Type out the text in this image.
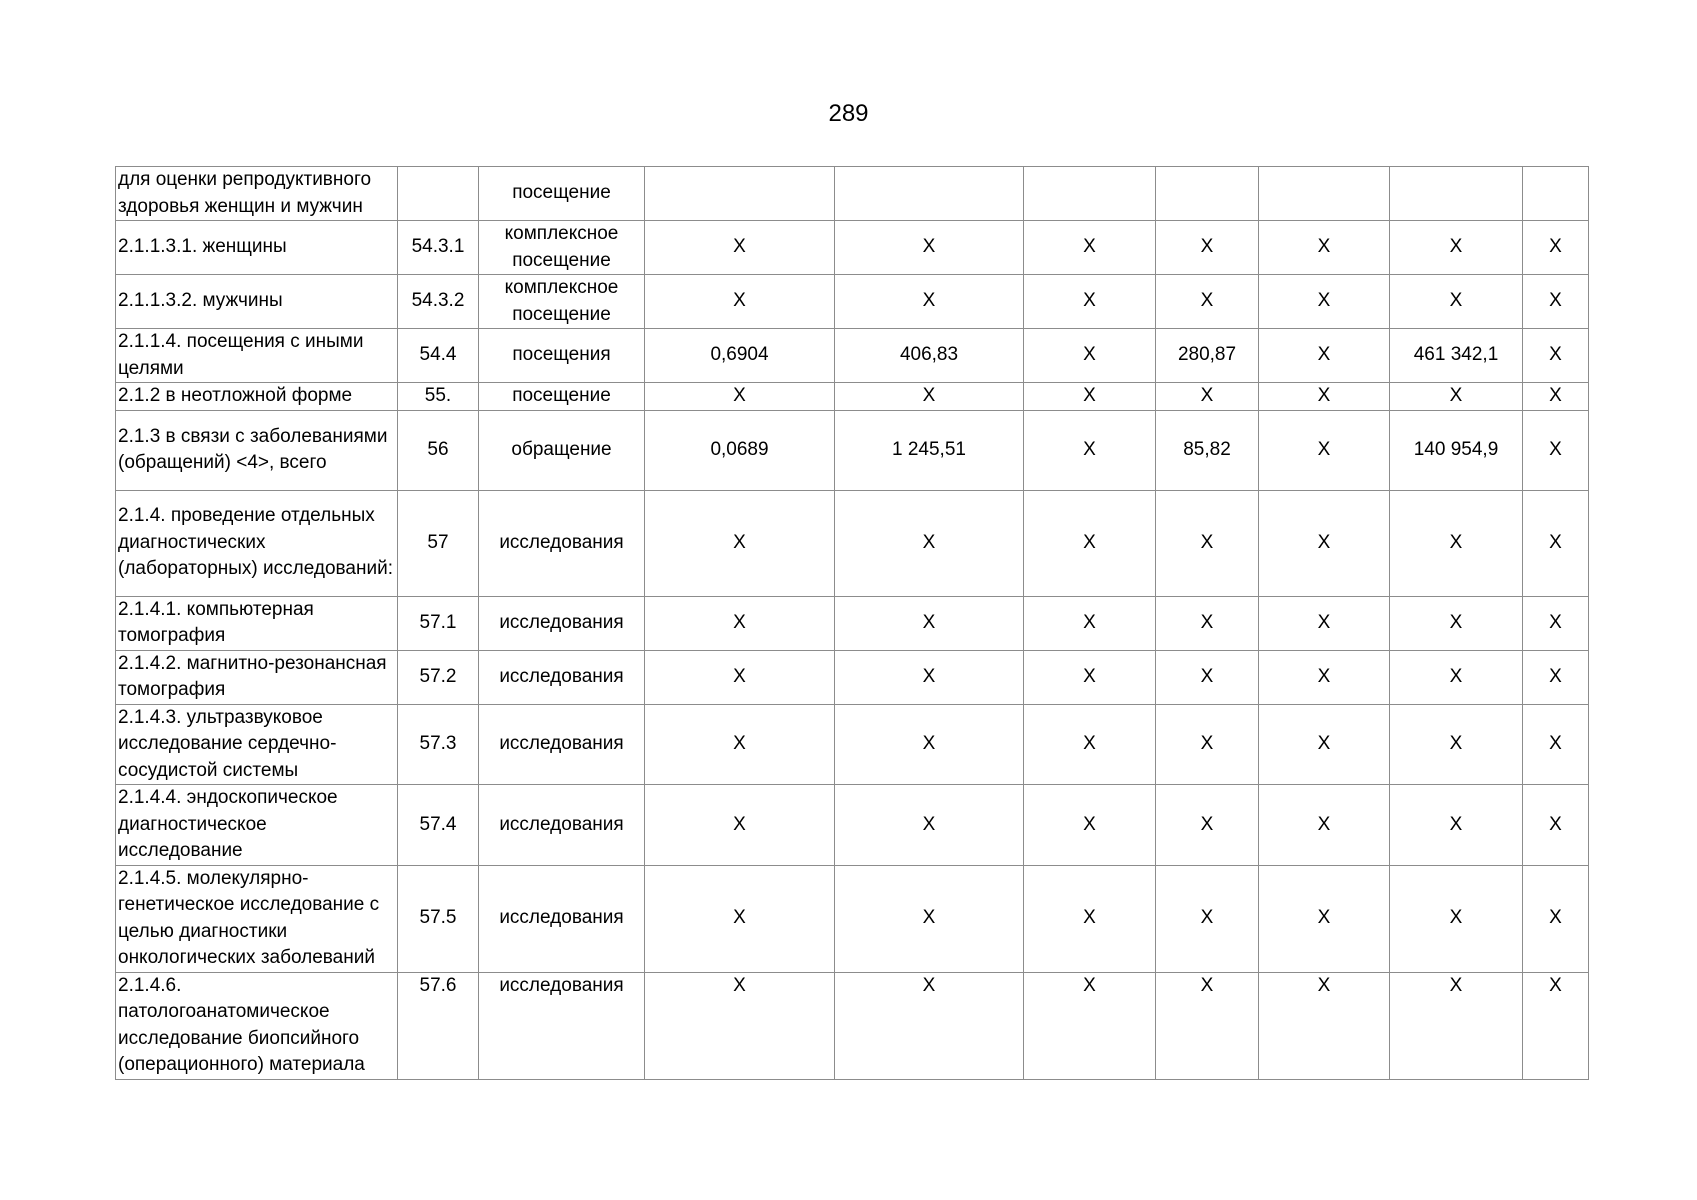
289
для оценки репродуктивного здоровья женщин и мужчин		посещение							
2.1.1.3.1. женщины	54.3.1	комплексное посещение	X	X	X	X	X	X	X
2.1.1.3.2. мужчины	54.3.2	комплексное посещение	X	X	X	X	X	X	X
2.1.1.4. посещения с иными целями	54.4	посещения	0,6904	406,83	X	280,87	X	461 342,1	X
2.1.2 в неотложной форме	55.	посещение	X	X	X	X	X	X	X
2.1.3 в связи с заболеваниями (обращений) <4>, всего	56	обращение	0,0689	1 245,51	X	85,82	X	140 954,9	X
2.1.4. проведение отдельных диагностических (лабораторных) исследований:	57	исследования	X	X	X	X	X	X	X
2.1.4.1. компьютерная томография	57.1	исследования	X	X	X	X	X	X	X
2.1.4.2. магнитно-резонансная томография	57.2	исследования	X	X	X	X	X	X	X
2.1.4.3. ультразвуковое исследование сердечно-сосудистой системы	57.3	исследования	X	X	X	X	X	X	X
2.1.4.4. эндоскопическое диагностическое исследование	57.4	исследования	X	X	X	X	X	X	X
2.1.4.5. молекулярно-генетическое исследование с целью диагностики онкологических заболеваний	57.5	исследования	X	X	X	X	X	X	X
2.1.4.6. патологоанатомическое исследование биопсийного (операционного) материала	57.6	исследования	X	X	X	X	X	X	X
